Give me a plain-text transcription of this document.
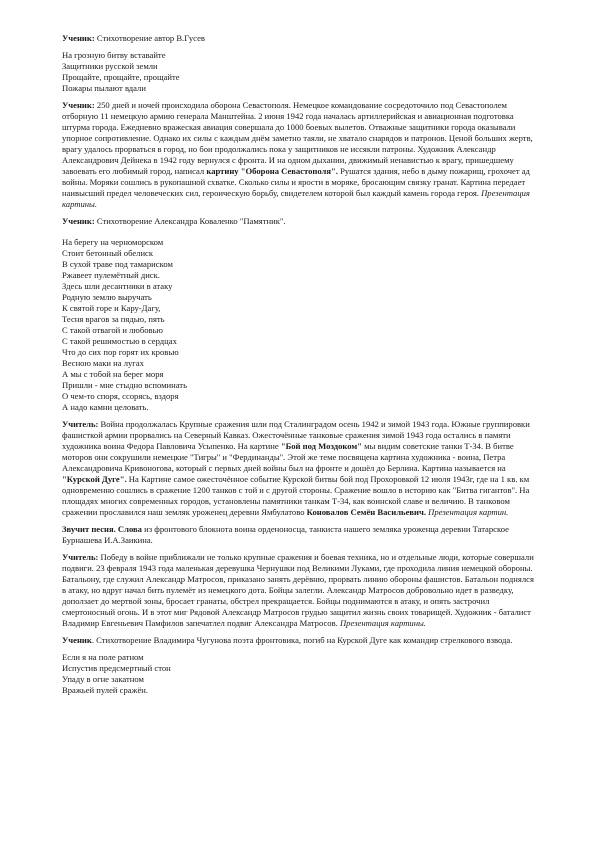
Ученик: Стихотворение автор В.Гусев

На грозную битву вставайте

Защитники русской земли

Прощайте, прощайте, прощайте

Пожары пылают вдали

Ученик: 250 дней и ночей происходила оборона Севастополя. Немецкое командование сосредоточило под Севастополем отборную 11 немецкую армию генерала Манштейна. 2 июня 1942 года началась артиллерийская и авиационная подготовка штурма города. Ежедневно вражеская авиация совершала до 1000 боевых вылетов. Отважные защитники города оказывали упорное сопротивление. Однако их силы с каждым днём заметно таяли, не хватало снарядов и патронов. Ценой больших жертв, врагу удалось прорваться в город, но бои продолжались пока у защитников не иссякли патроны. Художник Александр Александрович Дейнека в 1942 году вернулся с фронта. И на одном дыхании, движимый ненавистью к врагу, пришедшему завоевать его любимый город, написал картину "Оборона Севастополя". Рушатся здания, небо в дыму пожарищ, грохочет ад войны. Моряки сошлись в рукопашной схватке. Сколько силы и ярости в моряке, бросающим связку гранат. Картина передает наивысший предел человеческих сил, героическую борьбу, свидетелем которой был каждый камень города героя. Презентация картины.

Ученик: Стихотворение Александра Коваленко "Памятник".

На берегу на черноморском

Стоит бетонный обелиск

В сухой траве под тамариском

Ржавеет пулемётный диск.

Здесь шли десантники в атаку

Родную землю выручать

К святой горе и Кару-Дагу,

Тесня врагов за пядью, пять

С такой отвагой и любовью

С такой решимостью в сердцах

Что до сих пор горят их кровью

Весною маки на лугах

А мы с тобой на берег моря

Пришли - мне стыдно вспоминать

О чем-то споря, ссорясь, вздоря

А надо камни целовать.

Учитель: Война продолжалась Крупные сражения шли под Сталинградом осень 1942 и зимой 1943 года. Южные группировки фашисткой армии прорвались на Северный Кавказ. Ожесточённые танковые сражения зимой 1943 года остались в памяти художника воина Федора Павловича Усыпенко. На картине "Бой под Моздоком" мы видим советские танки Т-34. В битве моторов они сокрушили немецкие "Тигры" и "Фердинанды". Этой же теме посвящена картина художника - воина, Петра Александровича Кривоногова, который с первых дней войны был на фронте и дошёл до Берлина. Картина называется на "Курской Дуге". На Картине самое ожесточённое событие Курской битвы бой под Прохоровкой 12 июля 1943г, где на 1 кв. км одновременно сошлись в сражение 1200 танков с той и с другой стороны. Сражение вошло в историю как "Битва гигантов". На площадях многих современных городов, установлены памятники танкам Т-34, как воинской славе и величию. В танковом сражении прославился наш земляк уроженец деревни Ямбулатово Коновалов Семён Васильевич. Презентация картин.

Звучит песня. Слова из фронтового блокнота воина орденоносца, танкиста нашего земляка уроженца деревни Татарское Бурнашева И.А.Заикина.

Учитель: Победу в войне приближали не только крупные сражения и боевая техника, но и отдельные люди, которые совершали подвиги. 23 февраля 1943 года маленькая деревушка Чернушки под Великими Луками, где проходила линия немецкой обороны. Батальону, где служил Александр Матросов, приказано занять дерёвню, прорвать линию обороны фашистов. Батальон поднялся в атаку, но вдруг начал бить пулемёт из немецкого дота. Бойцы залегли. Александр Матросов добровольно идет в разведку, доползает до мертвой зоны, бросает гранаты, обстрел прекращается. Бойцы поднимаются в атаку, и опять застрочил смертоносный огонь. И в этот миг Рядовой Александр Матросов грудью защитил жизнь своих товарищей. Художник - баталист Владимир Евгеньевич Памфилов запечатлел подвиг Александра Матросов. Презентация картины.

Ученик. Стихотворение Владимира Чугунова поэта фронтовика, погиб на Курской Дуге как командир стрелкового взвода.

Если я на поле ратном

Испустив предсмертный стон

Упаду в огне закатном

Вражьей пулей сражён.
